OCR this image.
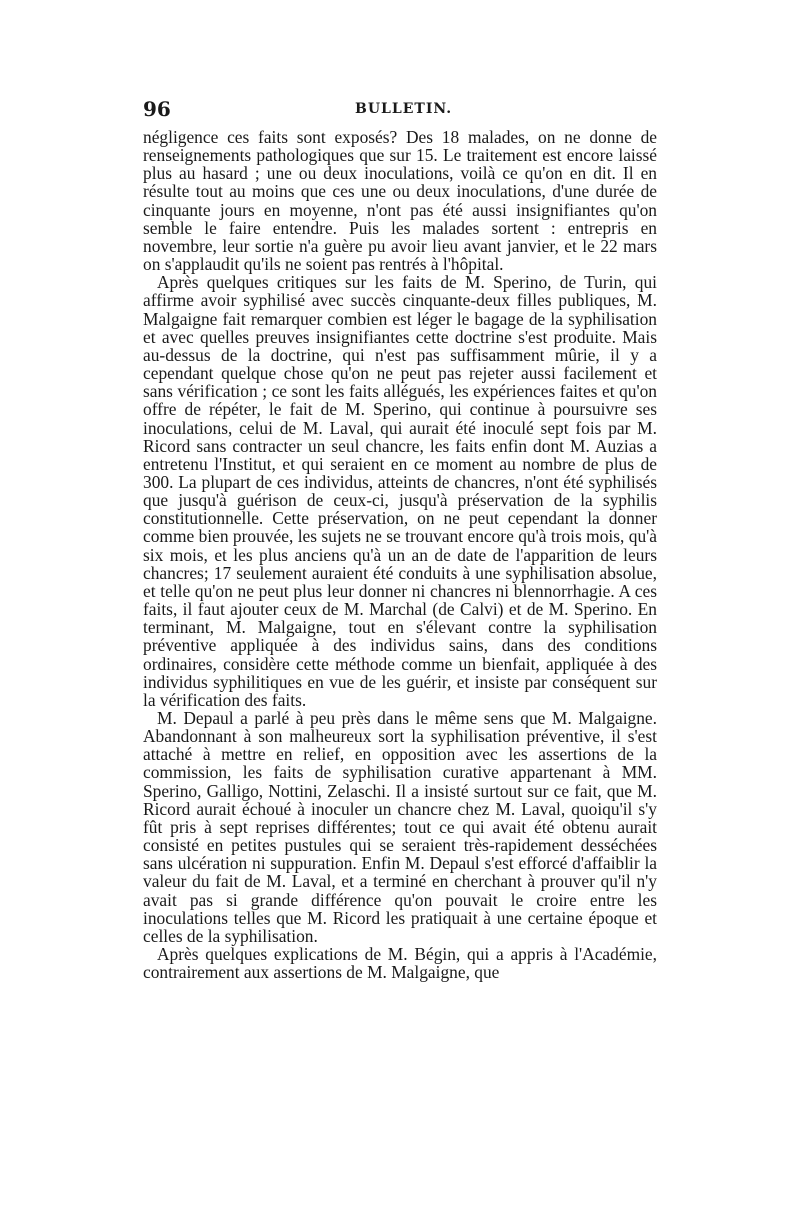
96	BULLETIN.

négligence ces faits sont exposés? Des 18 malades, on ne donne de renseignements pathologiques que sur 15. Le traitement est encore laissé plus au hasard ; une ou deux inoculations, voilà ce qu'on en dit. Il en résulte tout au moins que ces une ou deux inoculations, d'une durée de cinquante jours en moyenne, n'ont pas été aussi insignifiantes qu'on semble le faire entendre. Puis les malades sortent : entrepris en novembre, leur sortie n'a guère pu avoir lieu avant janvier, et le 22 mars on s'applaudit qu'ils ne soient pas rentrés à l'hôpital.

Après quelques critiques sur les faits de M. Sperino, de Turin, qui affirme avoir syphilisé avec succès cinquante-deux filles publiques, M. Malgaigne fait remarquer combien est léger le bagage de la syphilisation et avec quelles preuves insignifiantes cette doctrine s'est produite. Mais au-dessus de la doctrine, qui n'est pas suffisamment mûrie, il y a cependant quelque chose qu'on ne peut pas rejeter aussi facilement et sans vérification ; ce sont les faits allégués, les expériences faites et qu'on offre de répéter, le fait de M. Sperino, qui continue à poursuivre ses inoculations, celui de M. Laval, qui aurait été inoculé sept fois par M. Ricord sans contracter un seul chancre, les faits enfin dont M. Auzias a entretenu l'Institut, et qui seraient en ce moment au nombre de plus de 300. La plupart de ces individus, atteints de chancres, n'ont été syphilisés que jusqu'à guérison de ceux-ci, jusqu'à préservation de la syphilis constitutionnelle. Cette préservation, on ne peut cependant la donner comme bien prouvée, les sujets ne se trouvant encore qu'à trois mois, qu'à six mois, et les plus anciens qu'à un an de date de l'apparition de leurs chancres; 17 seulement auraient été conduits à une syphilisation absolue, et telle qu'on ne peut plus leur donner ni chancres ni blennorrhagie. A ces faits, il faut ajouter ceux de M. Marchal (de Calvi) et de M. Sperino. En terminant, M. Malgaigne, tout en s'élevant contre la syphilisation préventive appliquée à des individus sains, dans des conditions ordinaires, considère cette méthode comme un bienfait, appliquée à des individus syphilitiques en vue de les guérir, et insiste par conséquent sur la vérification des faits.

M. Depaul a parlé à peu près dans le même sens que M. Malgaigne. Abandonnant à son malheureux sort la syphilisation préventive, il s'est attaché à mettre en relief, en opposition avec les assertions de la commission, les faits de syphilisation curative appartenant à MM. Sperino, Galligo, Nottini, Zelaschi. Il a insisté surtout sur ce fait, que M. Ricord aurait échoué à inoculer un chancre chez M. Laval, quoiqu'il s'y fût pris à sept reprises différentes; tout ce qui avait été obtenu aurait consisté en petites pustules qui se seraient très-rapidement desséchées sans ulcération ni suppuration. Enfin M. Depaul s'est efforcé d'affaiblir la valeur du fait de M. Laval, et a terminé en cherchant à prouver qu'il n'y avait pas si grande différence qu'on pouvait le croire entre les inoculations telles que M. Ricord les pratiquait à une certaine époque et celles de la syphilisation.

Après quelques explications de M. Bégin, qui a appris à l'Académie, contrairement aux assertions de M. Malgaigne, que
